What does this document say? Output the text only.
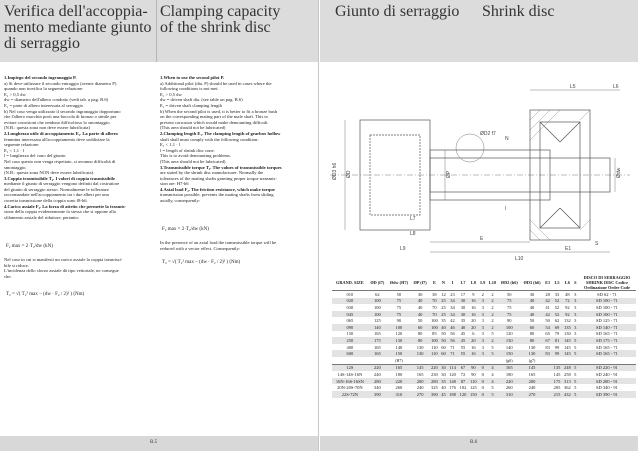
Verifica dell'accoppia-
mento mediante giunto
di serraggio
Clamping capacity
of the shrink disc
Giunto di serraggio Shrink disc
1.Impiego del secondo ingranaggio P.
a) Si deve utilizzare il secondo entraggio (avente diametro P)
quando non trovifica la seguente relazione:
E₁ > 0,5 dw
dw = diametro dell'albero condotto (vedi tab. a pag. B.6)
E₁ = parte di albero interessata al serraggio
b) Nel caso venga utilizzato il secondo ingranaggio dopportuno
che l'albero macchin porti una boccola di bronzo o simile per
evitare corrosioni che rendono difficoltoso lo smontaggio.
(N.B.: questa zona non deve essere lubrificata)
2.Lunghezza utile di accoppiamento E₁. La parte di albero
femmina interessata all'accoppiamento deve soddisfare la
seguente relazione:
E₁ < 1,1 · l
l = lunghezza del cono del giunto.
Nel caso questo non venga rispettato, si avranno difficoltà di
smontaggio.
(N.B.: questa zona NON deve essere lubrificata).
3.Coppia trasmissibile T₂. I valori di coppia trasmissibile
mediante il giunto di serraggio vengono definiti dal costruttore
del giunto di serraggio stesso. Normalmente le tolleranze
raccomandate nell'accoppiamento tra i due alberi per una
corretta trasmissione della coppia sono f8-h6.
4.Carico assiale F₂. La forza di attrito che permette la trasmis-
sione della coppia evidentemente fa stessa che si oppone allo
sfilamento assiale del riduttore, pertanto:
F₂ max = 2·T₂/dw (kN)
Nel caso in cui si manifesti un carico assiale la coppia trasmissi-
bile si riduce.
L'incidenza dello sforzo assiale dà tipo vettoriale, ne consegue
che:
T₂ = √( T₂² max − (dw · F₂ / 2)² ) (Nm)
1.When to use the second pilot P.
a) Additional pilot (dia. P) should be used in cases where the
following conditions is not met.
E₁ > 0,5 dw
dw = driven shaft dia. (see table on pag. B.6)
E₁ = driven shaft clamping length
b) When the second pilot is used, it is better to fit a bronze bush
on the corresponding mating part of the male shaft. This to
prevent corrosion which would make demounting difficult.
(This area should not be lubricated)
2.Clamping length E₁. The clamping length of gearbox hollow
shaft shall must comply with the following condition:
E₁ < 1,1 · l
l = length of shrink disc cone.
This is to avoid demounting problems.
(This area should not be lubricated)
3.Transmissible torque T₂. The values of transmissible torques
are stated by the shrink disc manufacturer. Normally the
tolerances of the mating shafts granting proper torque transmis-
sion are: H7-h6
4.Axial load F₂. The friction resistance, which make torque
transmission possible, prevents the mating shafts from sliding
axially, consequently:
F₂ max = 2·T₂/dw (kN)
In the presence of an axial load the transmissible torque will be
reduced with a vector effect. Consequently:
T₂ = √( T₂² max − (dw · F₂ / 2)² ) (Nm)
L5	L6
ØD3 h6 ØD	ØP	Ødw
E
L7
L8
L9
L10
E1
S
N
I
ØD2 f7
GRAND. SIZE	ØD (f7)	Ødw (H7)	ØP (f7)	E	N	I	L7	L8	L9	L10	ØD2 (h6)	ØD3 (h6)	E1	L5	L6	S	DISCO DI SERRAGGIO SHRINK DISC Codice Ordinazione Order Code
010	62	50	30	38	12	23	17	9	2	2	50	30	28	33	48	3	SD 62 - 71
020	100	75	40	70	25	34	30	16	3	2	75	40	42	52	72	3	SD 100 - 71
030	100	75	40	70	25	34	30	16	3	2	75	40	41	52	92	3	SD 100 - 71
045	100	75	40	70	25	34	30	16	3	2	75	40	42	52	92	3	SD 100 - 71
065	125	90	50	100	35	42	35	20	3	2	90	50	50	62	132	3	SD 125 - 71
090	140	100	60	100	40	46	40	20	3	2	100	60	54	69	135	3	SD 140 - 71
150	165	120	80	85	50	56	45	6	3	5	120	80	65	79	130	3	SD 165 - 71
250	175	130	80	100	50	56	45	20	3	2	130	80	67	81	145	5	SD 175 - 71
400	165	140	130	110	60	71	55	16	3	5	140	130	83	99	145	5	SD 165 - 71
600	165	150	130	110	60	71	55	16	3	5	150	130	83	99	145	5	SD 165 - 71
		(H7)									(g6)	(g7)					
12S	220	165	145	220	30	114	67	90	0	4	165	145		135	248	5	SD 220 - 91
14S-14S-16N	240	180	165	230	30	120	72	90	0	4	180	165		145	258	5	SD 240 - 91
16N-16S-16SN	280	220	200	280	35	148	87	110	0	4	220	200		175	313	5	SD 280 - 91
20N-20S-70N	340	260	240	325	40	176	102	125	0	5	260	240		205	362	5	SD 340 - 91
22S-72N	390	310	270	390	45	188	120	150	0	5	310	270		215	432	5	SD 390 - 91
B.5	B.6
